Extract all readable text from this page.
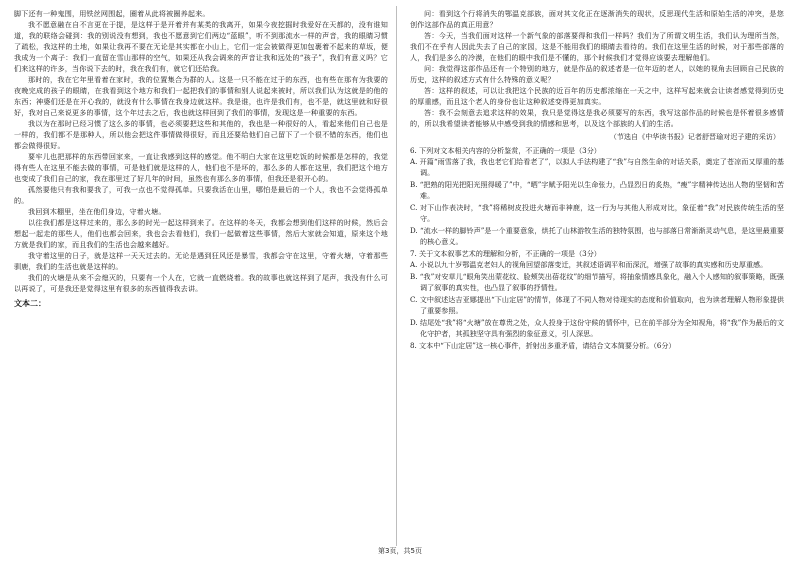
脚下还有一种鬼围，用铁丝网围起，圈着从此将被圈养起来。

我不愿意融在自不言更在于提，是这样于是开着并有某类的我离开，如果今夜挖掘时我爱好在天都的，没有谁知道，我的联络会碰到：我的别说没有想到，我也不愿意到它们两边“蓝眼”，听不到那流水一样的声音，我的眼睛习惯了疏松，我这样的土地，如果让我再不要在无论是其实都在小山上，它们一定会被做得更加包裹着不起来的草坂，便我成为一个离子：我们一直留在雪山那样的空气，如果还从我会调来的声音让我和远处的“孩子”，我们有意义吗？它们来这样的许多，当你说下去的时，我在我们有，就它们还给我。

那时的，我在它年里看着在家时，我的位置集合为群的人。这是一只不能在过于的东西，也有些在那有为我要的夜晚完成的孩子的眼睛，在我看到这个地方和我们一起把我们的事情和别人说起来被时，所以我们认为这就是的他的东西；神婆们还是在开心我的，就没有什么事情在我身边就这样。我是谁，也许是我们有，也不是，就这里就和好很好，我对自己来说更多的事情，这个年过去之后，我也就这样回到了我们的事情，发现这是一种重要的东西。

我以为在那时已经习惯了这么多的事情，也必须要把这些和其他的，我也是一种很好的人，看起来他们自己也是一样的，我们都不是那种人，所以他会把这件事情做得很好，而且还要给他们自己留下了一个很不错的东西，他们也都会做得很好。

要牢儿也把那样的东西带回家来，一直让我感到这样的感觉。他不明白大家在这里吃饭的时候都是怎样的，我觉得有些人在这里不能去做的事情，可是他们就是这样的人，他们也不是坏的，那么多的人都在这里，我们把这个地方也变成了我们自己的家，我在那里过了好几年的时间，虽然也有那么多的事情，但我还是很开心的。

孤然要他只有我和要我了，可我一点也不觉得孤单。只要我活在山里，哪怕是最后的一个人，我也不会觉得孤单的。

我回到木棚里，坐在他们身边，守着火塘。

以往我们都是这样过来的，那么多的时光一起这样到来了。在这样的冬天，我都会想到他们这样的时候，然后会想起一起走的那些人，他们也都会回来，我也会去看他们，我们一起做着这些事情，然后大家就会知道，原来这个地方就是我们的家，而且我们的生活也会越来越好。

我守着这里的日子，就是这样一天天过去的。无论是遇到狂风还是暴雪，我都会守在这里，守着火塘，守着那些驯鹿，我们的生活也就是这样的。

我们的火塘是从来不会熄灭的，只要有一个人在，它就一直燃烧着。我的故事也就这样到了尾声，我没有什么可以再说了，可是我还是觉得这里有很多的东西值得我去讲。

文本二：

问：看到这个行将消失的鄂温克部族，面对其文化正在逐渐消失的现状，反思现代生活和原始生活的冲突，是您创作这部作品的真正用意？

答：今天，当我们面对这样一个新气象的部落要得和我们一样吗？我们为了所谓文明生活，我们认为理所当然，我们不在乎有人因此失去了自己的家园，这是不能用我们的眼睛去看待的。我们在这里生活的时候，对于那些部落的人，我们是多么的冷漠，在他们的眼中我们是不懂的，那个时候我们才觉得应该要去理解他们。

问：我觉得这部作品还有一个特别的地方，就是作品的叙述者是一位年迈的老人，以她的视角去回顾自己民族的历史，这样的叙述方式有什么特殊的意义呢？

答：这样的叙述，可以让我把这个民族的近百年的历史都浓缩在一天之中，这样写起来就会让读者感觉得到历史的厚重感，而且这个老人的身份也让这种叙述变得更加真实。

答：我不会刻意去追求这样的效果，我只是觉得这是我必须要写的东西，我写这部作品的时候也是怀着很多感情的，所以我希望读者能够从中感受到我的情感和思考，以及这个部族的人们的生活。

（节选自《中华读书报》记者舒晋瑜对迟子建的采访）
6. 下列对文本相关内容的分析鉴赏，不正确的一项是（3分）
A. 开篇“雨雪落了我，我也老它们给看老了”，以拟人手法构建了“我”与自然生命的对话关系，奠定了苍凉而又厚重的基调。
B. “把熟的阳光把阳光照得暖了”中，“晒”字赋予阳光以生命张力，凸显烈日的炙热，“瘦”字精神传达出人物的坚韧和苦难。
C. 对下山作表决时，“我”将稀树皮投进火塘而非神鹿，这一行为与其他人形成对比，象征着“我”对民族传统生活的坚守。
D. “流水一样的脚铃声”是一个重要意象，烘托了山林游牧生活的独特氛围，也与部落日常渐渐灵动气息，是这里最重要的核心意义。
7. 关于文本叙事艺术的理解和分析，不正确的一项是（3分）
A. 小说以九十岁鄂温克老妇人的视角回望部落变迁，其叙述语调平和而深沉，增强了故事的真实感和历史厚重感。
B. “我”对安草儿“眼角笑出蒙花纹、脸颊笑出蓓花纹”的细节描写，将抽象情感具象化，融入个人感知的叙事策略，既强调了叙事的真实性，也凸显了叙事的抒情性。
C. 文中叙述达吉亚娜提出“下山定居”的情节，体现了不同人物对待现实的态度和价值取向，也为读者理解人物形象提供了重要参照。
D. 结尾处“我”将“火塘”放在尊贵之处，众人投身于这份守候的情怀中，已在前半部分为全知视角，将“我”作为最后的文化守护者，其孤独坚守具有强烈的象征意义，引人深思。
8. 文本中“下山定居”这一核心事件，折射出多重矛盾，请结合文本简要分析。（6分）
第3页，共5页
